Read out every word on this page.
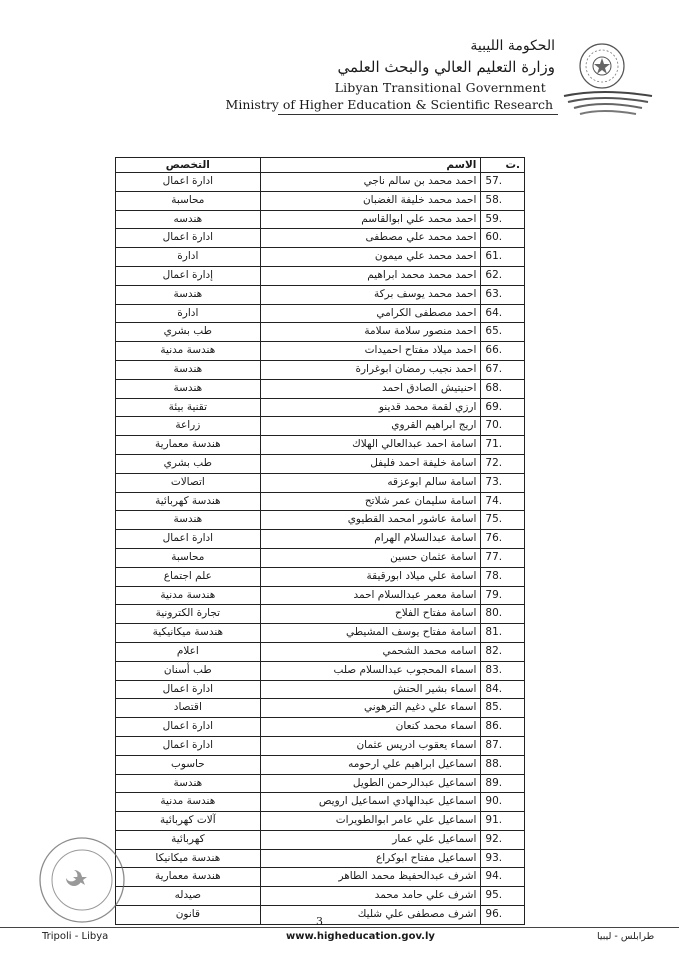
الحكومة الليبية
وزارة التعليم العالي والبحث العلمي
Libyan Transitional Government
Ministry of Higher Education & Scientific Research
ت.	الاسم	التخصص
57.	احمد محمد بن سالم ناجي	ادارة اعمال
58.	احمد محمد خليفة الغضبان	محاسبة
59.	احمد محمد علي ابوالقاسم	هندسه
60.	احمد محمد علي مصطفى	ادارة اعمال
61.	احمد محمد علي ميمون	ادارة
62.	احمد محمد محمد ابراهيم	إدارة اعمال
63.	احمد محمد يوسف بركة	هندسة
64.	احمد مصطفى الكرامي	ادارة
65.	احمد منصور سلامة سلامة	طب بشري
66.	احمد ميلاد مفتاح احميدات	هندسة مدنية
67.	احمد نجيب رمضان ابوغرارة	هندسة
68.	احنيتيش الصادق احمد	هندسة
69.	ارزي لقمة محمد قدينو	تقنية بيئة
70.	اريج ابراهيم القروي	زراعة
71.	اسامة احمد عبدالعالي الهلاك	هندسة معمارية
72.	اسامة خليفة احمد فليفل	طب بشري
73.	اسامة سالم ابوعزقه	اتصالات
74.	اسامة سليمان عمر شلاتح	هندسة كهربائية
75.	اسامة عاشور امحمد القطيوي	هندسة
76.	اسامة عبدالسلام الهرام	ادارة اعمال
77.	اسامة عثمان حسين	محاسبة
78.	اسامة علي ميلاد ابورقيقة	علم اجتماع
79.	اسامة معمر عبدالسلام احمد	هندسة مدنية
80.	اسامة مفتاح الفلاح	تجارة الكترونية
81.	اسامة مفتاح يوسف المشيطي	هندسة ميكانيكية
82.	اسامه محمد الشحمي	اعلام
83.	اسماء المحجوب عبدالسلام صلب	طب أسنان
84.	اسماء بشير الحنش	ادارة اعمال
85.	اسماء علي دغيم الترهوني	اقتصاد
86.	اسماء محمد كنعان	ادارة اعمال
87.	اسماء يعقوب ادريس عثمان	ادارة اعمال
88.	اسماعيل ابراهيم علي ارحومه	حاسوب
89.	اسماعيل عبدالرحمن الطويل	هندسة
90.	اسماعيل عبدالهادي اسماعيل ارويص	هندسة مدنية
91.	اسماعيل علي عامر ابوالطويرات	آلات كهربائية
92.	اسماعيل علي عمار	كهربائية
93.	اسماعيل مفتاح ابوكراع	هندسة ميكانيكا
94.	اشرف عبدالحفيظ محمد الطاهر	هندسة معمارية
95.	اشرف علي حامد محمد	صيدله
96.	اشرف مصطفى علي شليك	قانون
3
Tripoli - Libya	www.higheducation.gov.ly	طرابلس - ليبيا
